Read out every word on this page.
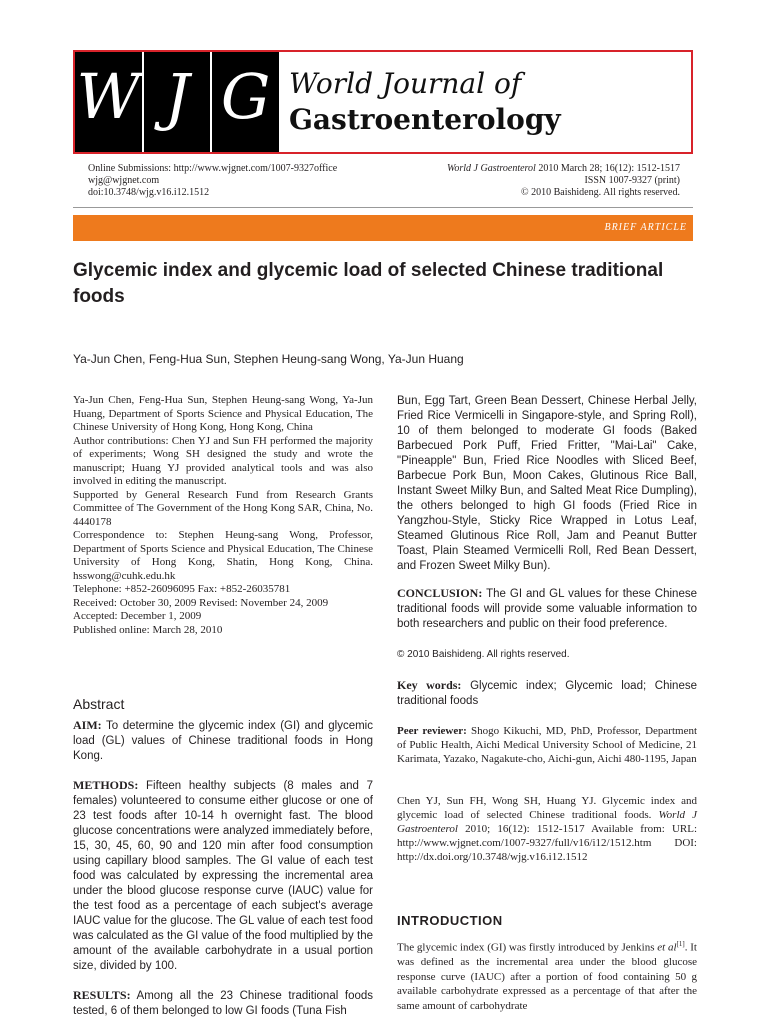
W J G World Journal of
Gastroenterology
Online Submissions: http://www.wjgnet.com/1007-9327office
wjg@wjgnet.com
doi:10.3748/wjg.v16.i12.1512
World J Gastroenterol 2010 March 28; 16(12): 1512-1517
ISSN 1007-9327 (print)
© 2010 Baishideng. All rights reserved.
BRIEF ARTICLE
Glycemic index and glycemic load of selected Chinese traditional foods
Ya-Jun Chen, Feng-Hua Sun, Stephen Heung-sang Wong, Ya-Jun Huang

Ya-Jun Chen, Feng-Hua Sun, Stephen Heung-sang Wong, Ya-Jun Huang, Department of Sports Science and Physical Education, The Chinese University of Hong Kong, Hong Kong, China

Author contributions: Chen YJ and Sun FH performed the majority of experiments; Wong SH designed the study and wrote the manuscript; Huang YJ provided analytical tools and was also involved in editing the manuscript.

Supported by General Research Fund from Research Grants Committee of The Government of the Hong Kong SAR, China, No. 4440178

Correspondence to: Stephen Heung-sang Wong, Professor, Department of Sports Science and Physical Education, The Chinese University of Hong Kong, Shatin, Hong Kong, China. hsswong@cuhk.edu.hk

Telephone: +852-26096095 Fax: +852-26035781

Received: October 30, 2009 Revised: November 24, 2009

Accepted: December 1, 2009

Published online: March 28, 2010

Abstract

AIM: To determine the glycemic index (GI) and glycemic load (GL) values of Chinese traditional foods in Hong Kong.

METHODS: Fifteen healthy subjects (8 males and 7 females) volunteered to consume either glucose or one of 23 test foods after 10-14 h overnight fast. The blood glucose concentrations were analyzed immediately before, 15, 30, 45, 60, 90 and 120 min after food consumption using capillary blood samples. The GI value of each test food was calculated by expressing the incremental area under the blood glucose response curve (IAUC) value for the test food as a percentage of each subject's average IAUC value for the glucose. The GL value of each test food was calculated as the GI value of the food multiplied by the amount of the available carbohydrate in a usual portion size, divided by 100.

RESULTS: Among all the 23 Chinese traditional foods tested, 6 of them belonged to low GI foods (Tuna Fish

Bun, Egg Tart, Green Bean Dessert, Chinese Herbal Jelly, Fried Rice Vermicelli in Singapore-style, and Spring Roll), 10 of them belonged to moderate GI foods (Baked Barbecued Pork Puff, Fried Fritter, "Mai-Lai" Cake, "Pineapple" Bun, Fried Rice Noodles with Sliced Beef, Barbecue Pork Bun, Moon Cakes, Glutinous Rice Ball, Instant Sweet Milky Bun, and Salted Meat Rice Dumpling), the others belonged to high GI foods (Fried Rice in Yangzhou-Style, Sticky Rice Wrapped in Lotus Leaf, Steamed Glutinous Rice Roll, Jam and Peanut Butter Toast, Plain Steamed Vermicelli Roll, Red Bean Dessert, and Frozen Sweet Milky Bun).

CONCLUSION: The GI and GL values for these Chinese traditional foods will provide some valuable information to both researchers and public on their food preference.

© 2010 Baishideng. All rights reserved.

Key words: Glycemic index; Glycemic load; Chinese traditional foods

Peer reviewer: Shogo Kikuchi, MD, PhD, Professor, Department of Public Health, Aichi Medical University School of Medicine, 21 Karimata, Yazako, Nagakute-cho, Aichi-gun, Aichi 480-1195, Japan
Chen YJ, Sun FH, Wong SH, Huang YJ. Glycemic index and glycemic load of selected Chinese traditional foods. World J Gastroenterol 2010; 16(12): 1512-1517 Available from: URL: http://www.wjgnet.com/1007-9327/full/v16/i12/1512.htm DOI: http://dx.doi.org/10.3748/wjg.v16.i12.1512
INTRODUCTION
The glycemic index (GI) was firstly introduced by Jenkins et al[1]. It was defined as the incremental area under the blood glucose response curve (IAUC) after a portion of food containing 50 g available carbohydrate expressed as a percentage of that after the same amount of carbohydrate
